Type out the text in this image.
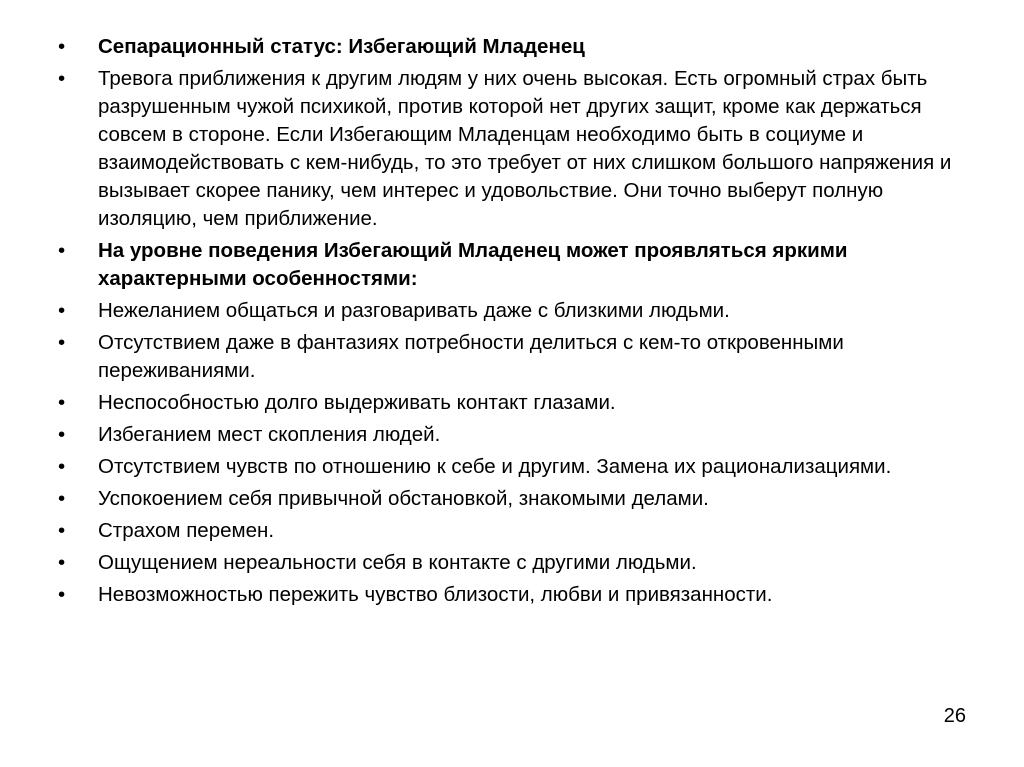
•	Сепарационный статус: Избегающий Младенец
•	Тревога приближения к другим людям у них очень высокая. Есть огромный страх быть разрушенным чужой психикой, против которой нет других защит, кроме как держаться совсем в стороне. Если Избегающим Младенцам необходимо быть в социуме и взаимодействовать с кем-нибудь, то это требует от них слишком большого напряжения и вызывает скорее панику, чем интерес и удовольствие. Они точно выберут полную изоляцию, чем приближение.
•	На уровне поведения Избегающий Младенец может проявляться яркими характерными особенностями:
•	Нежеланием общаться и разговаривать даже с близкими людьми.
•	Отсутствием даже в фантазиях потребности делиться с кем-то откровенными переживаниями.
•	Неспособностью долго выдерживать контакт глазами.
•	Избеганием мест скопления людей.
•	Отсутствием чувств по отношению к себе и другим. Замена их рационализациями.
•	Успокоением себя привычной обстановкой, знакомыми делами.
•	Страхом перемен.
•	Ощущением нереальности себя в контакте с другими людьми.
•	Невозможностью пережить чувство близости, любви и привязанности.
26
